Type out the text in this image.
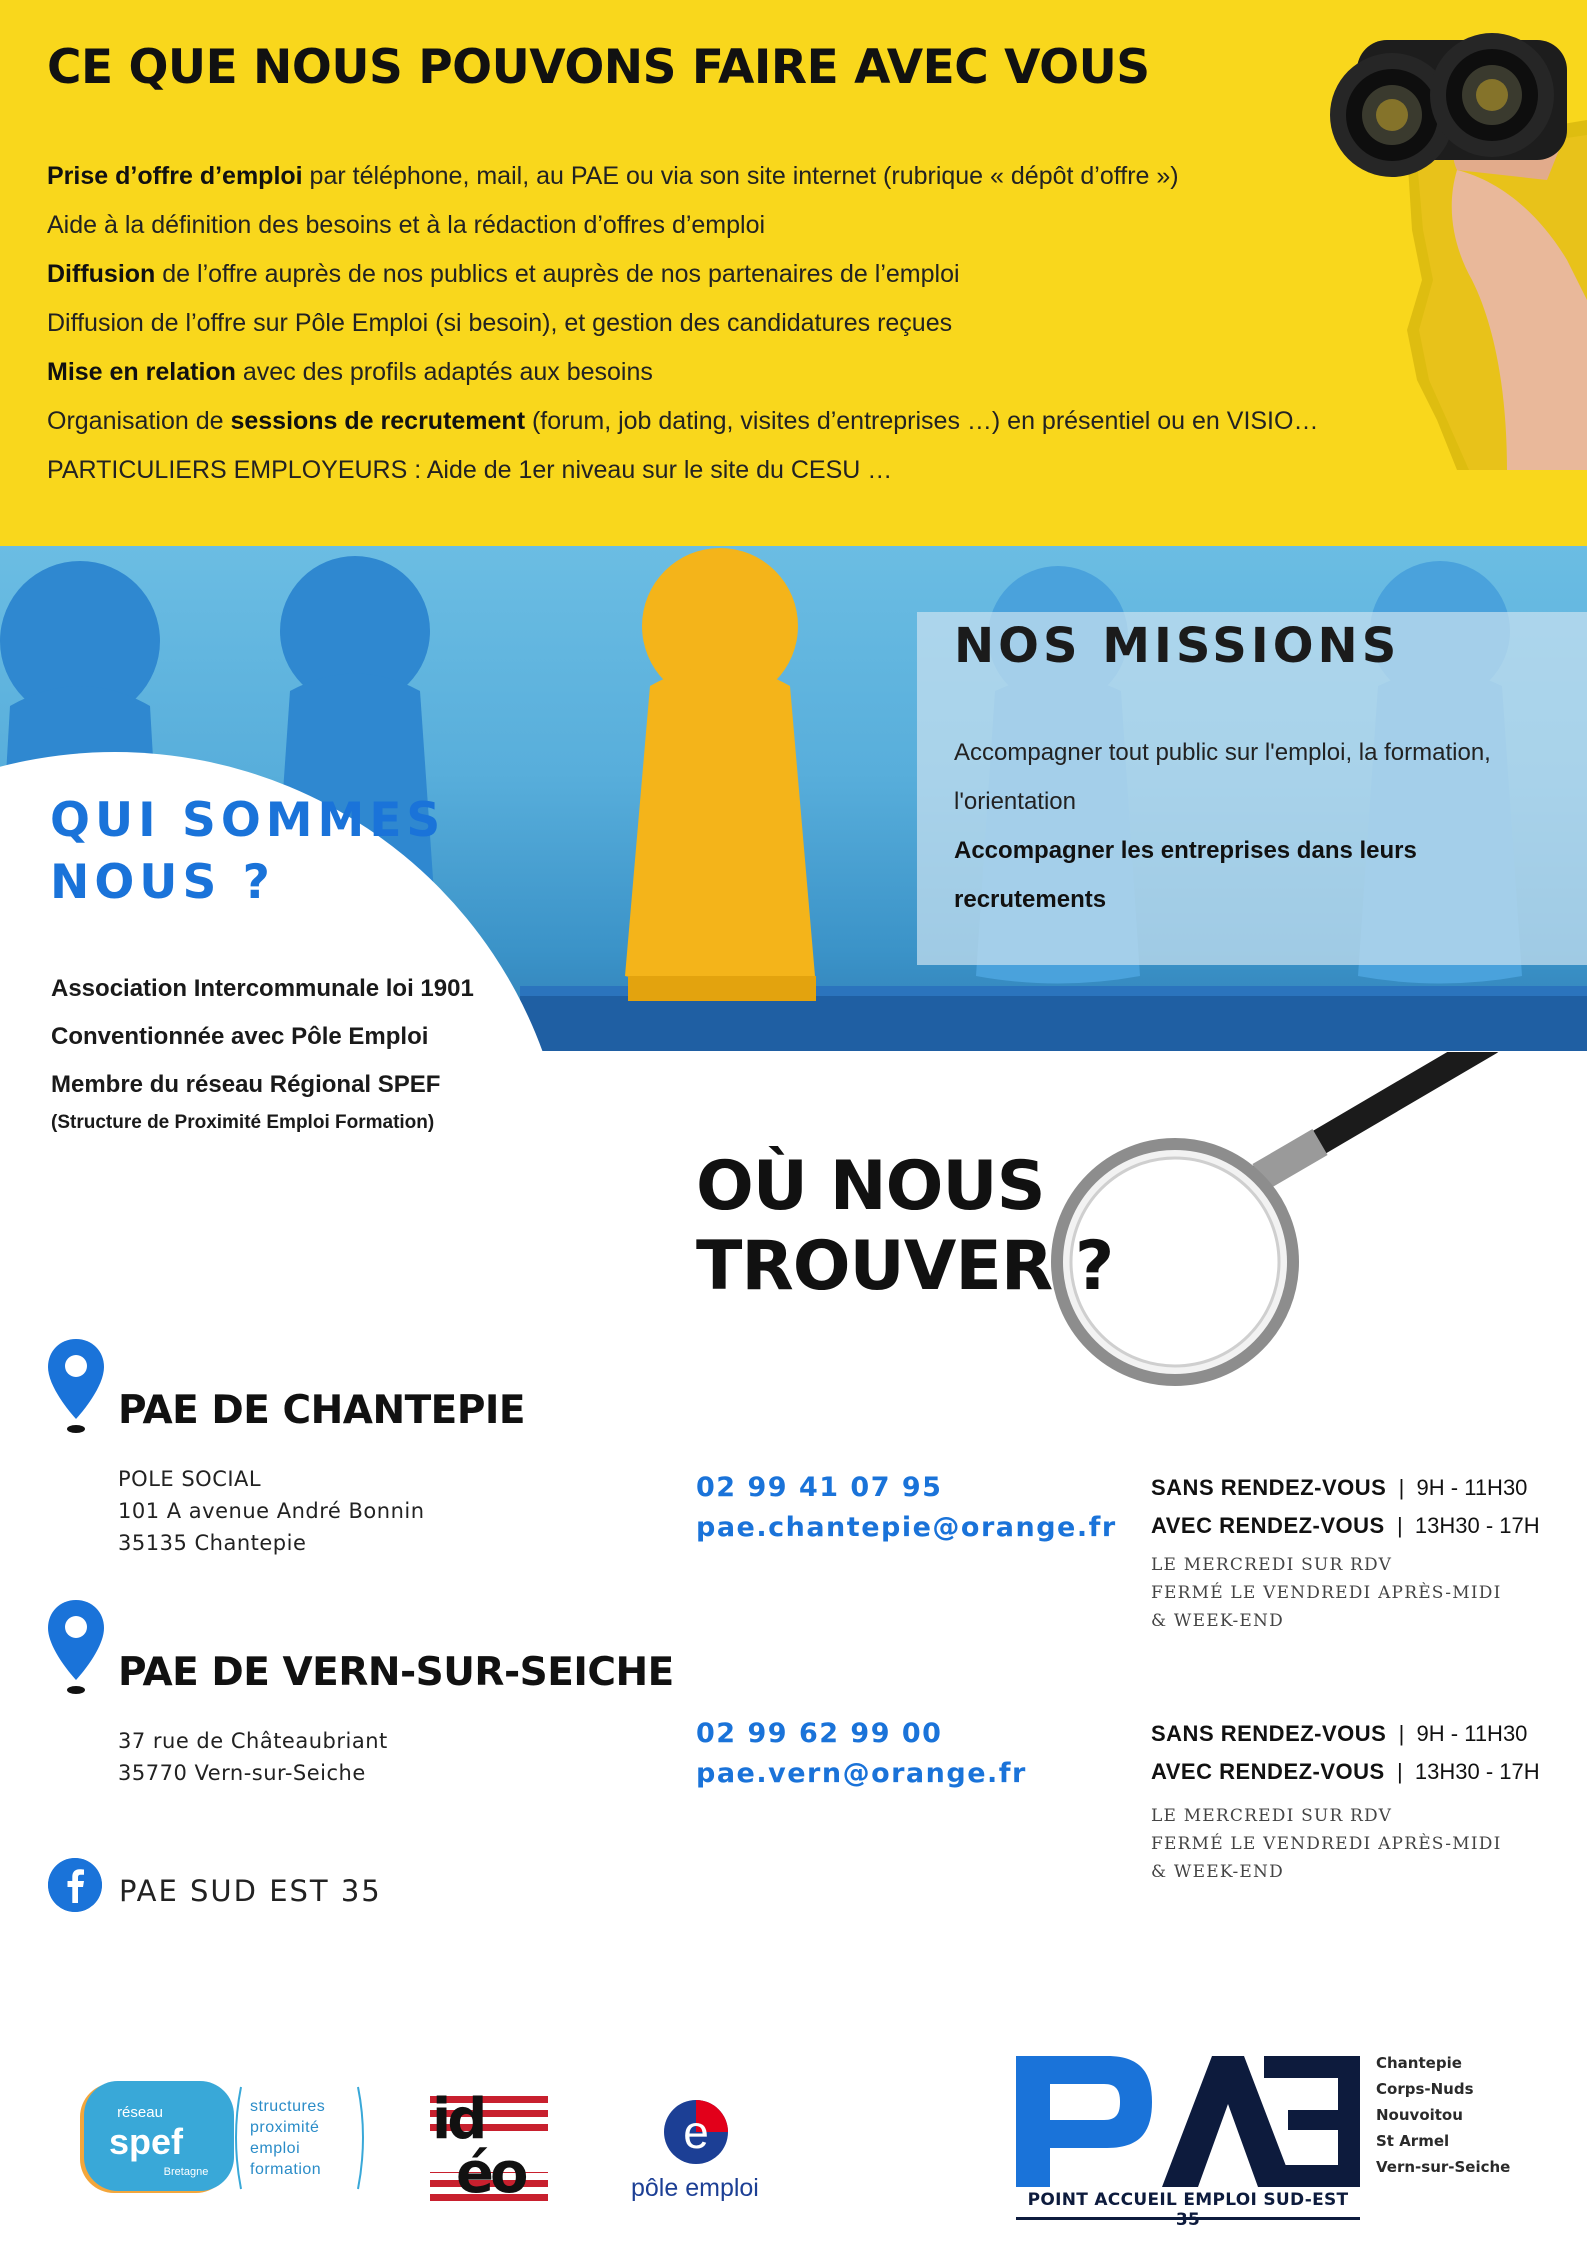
CE QUE NOUS POUVONS FAIRE AVEC VOUS
Prise d’offre d’emploi par téléphone, mail, au PAE ou via son site internet (rubrique « dépôt d’offre »)
Aide à la définition des besoins et à la rédaction d’offres d’emploi
Diffusion de l’offre auprès de nos publics et auprès de nos partenaires de l’emploi
Diffusion de l’offre sur Pôle Emploi (si besoin), et gestion des candidatures reçues
Mise en relation avec des profils adaptés aux besoins
Organisation de sessions de recrutement (forum, job dating, visites d’entreprises …) en présentiel ou en VISIO…
PARTICULIERS EMPLOYEURS : Aide de 1er niveau sur le site du CESU …
NOS MISSIONS
Accompagner tout public sur l'emploi, la formation,
l'orientation
Accompagner les entreprises dans leurs
recrutements
QUI SOMMES
NOUS ?
Association Intercommunale loi 1901
Conventionnée avec Pôle Emploi
Membre du réseau Régional SPEF
(Structure de Proximité Emploi Formation)
OÙ NOUS
TROUVER ?
PAE DE CHANTEPIE
POLE SOCIAL
101 A avenue André Bonnin
35135 Chantepie
02 99 41 07 95
pae.chantepie@orange.fr
SANS RENDEZ-VOUS | 9H - 11H30
AVEC RENDEZ-VOUS | 13H30 - 17H
LE MERCREDI SUR RDV
FERMÉ LE VENDREDI APRÈS-MIDI
& WEEK-END
PAE DE VERN-SUR-SEICHE
37 rue de Châteaubriant
35770 Vern-sur-Seiche
02 99 62 99 00
pae.vern@orange.fr
SANS RENDEZ-VOUS | 9H - 11H30
AVEC RENDEZ-VOUS | 13H30 - 17H
LE MERCREDI SUR RDV
FERMÉ LE VENDREDI APRÈS-MIDI
& WEEK-END
PAE SUD EST 35
réseau
spef
Bretagne
structures
proximité
emploi
formation
id
éo
e
pôle emploi	POINT ACCUEIL EMPLOI SUD-EST 35
Chantepie
Corps-Nuds
Nouvoitou
St Armel
Vern-sur-Seiche
